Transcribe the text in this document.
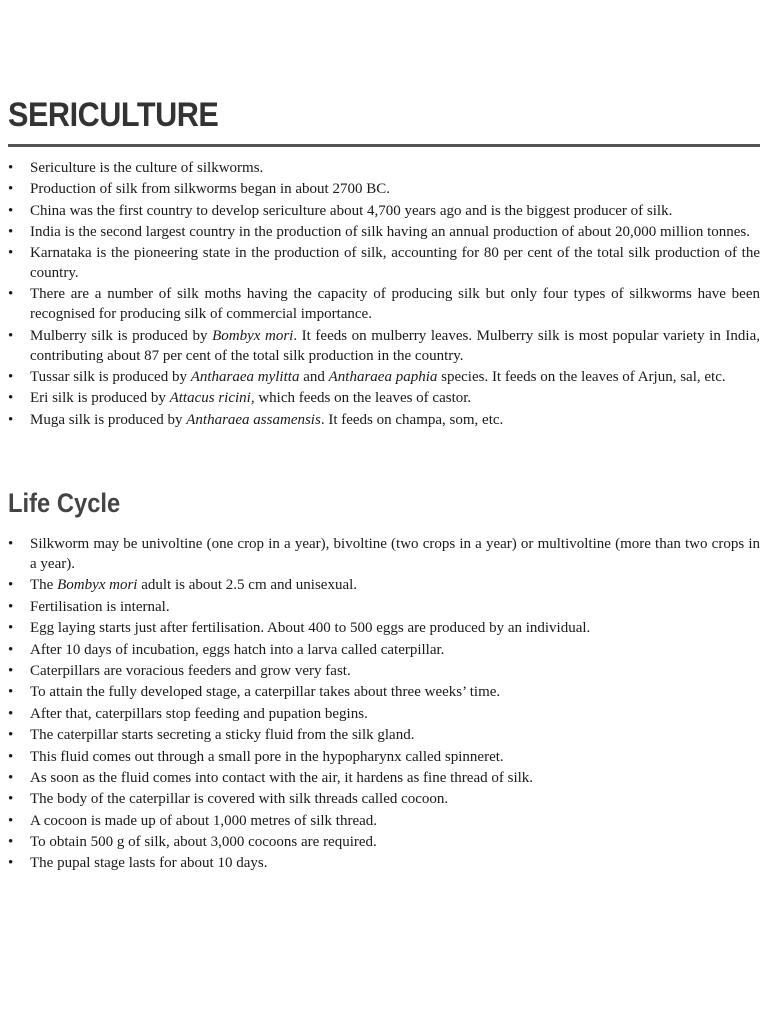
SERICULTURE
• Sericulture is the culture of silkworms.
• Production of silk from silkworms began in about 2700 BC.
• China was the first country to develop sericulture about 4,700 years ago and is the biggest producer of silk.
• India is the second largest country in the production of silk having an annual production of about 20,000 million tonnes.
• Karnataka is the pioneering state in the production of silk, accounting for 80 per cent of the total silk production of the country.
• There are a number of silk moths having the capacity of producing silk but only four types of silkworms have been recognised for producing silk of commercial importance.
• Mulberry silk is produced by Bombyx mori. It feeds on mulberry leaves. Mulberry silk is most popular variety in India, contributing about 87 per cent of the total silk production in the country.
• Tussar silk is produced by Antharaea mylitta and Antharaea paphia species. It feeds on the leaves of Arjun, sal, etc.
• Eri silk is produced by Attacus ricini, which feeds on the leaves of castor.
• Muga silk is produced by Antharaea assamensis. It feeds on champa, som, etc.
Life Cycle
• Silkworm may be univoltine (one crop in a year), bivoltine (two crops in a year) or multivoltine (more than two crops in a year).
• The Bombyx mori adult is about 2.5 cm and unisexual.
• Fertilisation is internal.
• Egg laying starts just after fertilisation. About 400 to 500 eggs are produced by an individual.
• After 10 days of incubation, eggs hatch into a larva called caterpillar.
• Caterpillars are voracious feeders and grow very fast.
• To attain the fully developed stage, a caterpillar takes about three weeks’ time.
• After that, caterpillars stop feeding and pupation begins.
• The caterpillar starts secreting a sticky fluid from the silk gland.
• This fluid comes out through a small pore in the hypopharynx called spinneret.
• As soon as the fluid comes into contact with the air, it hardens as fine thread of silk.
• The body of the caterpillar is covered with silk threads called cocoon.
• A cocoon is made up of about 1,000 metres of silk thread.
• To obtain 500 g of silk, about 3,000 cocoons are required.
• The pupal stage lasts for about 10 days.
